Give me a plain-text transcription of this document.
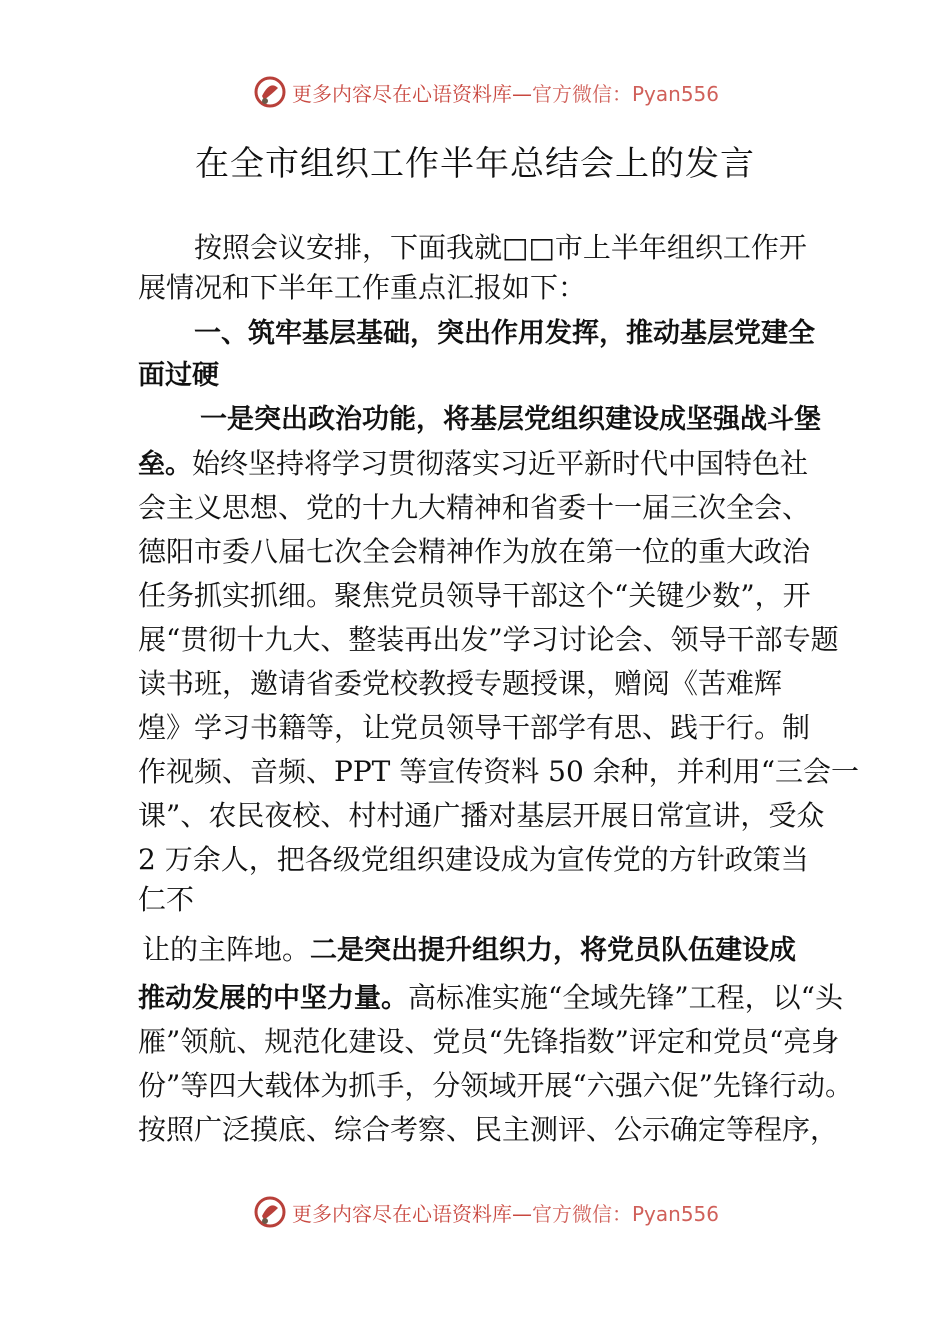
更多内容尽在心语资料库—官方微信：Pyan556
在全市组织工作半年总结会上的发言
按照会议安排，下面我就□□市上半年组织工作开
展情况和下半年工作重点汇报如下：
一、筑牢基层基础，突出作用发挥，推动基层党建全
面过硬
一是突出政治功能，将基层党组织建设成坚强战斗堡
垒。始终坚持将学习贯彻落实习近平新时代中国特色社
会主义思想、党的十九大精神和省委十一届三次全会、
德阳市委八届七次全会精神作为放在第一位的重大政治
任务抓实抓细。聚焦党员领导干部这个“关键少数”，开
展“贯彻十九大、整装再出发”学习讨论会、领导干部专题
读书班，邀请省委党校教授专题授课，赠阅《苦难辉
煌》学习书籍等，让党员领导干部学有思、践于行。制
作视频、音频、PPT 等宣传资料 50 余种，并利用“三会一
课”、农民夜校、村村通广播对基层开展日常宣讲，受众
2 万余人，把各级党组织建设成为宣传党的方针政策当
仁不
让的主阵地。二是突出提升组织力，将党员队伍建设成
推动发展的中坚力量。高标准实施“全域先锋”工程，以“头
雁”领航、规范化建设、党员“先锋指数”评定和党员“亮身
份”等四大载体为抓手，分领域开展“六强六促”先锋行动。
按照广泛摸底、综合考察、民主测评、公示确定等程序，
更多内容尽在心语资料库—官方微信：Pyan556
